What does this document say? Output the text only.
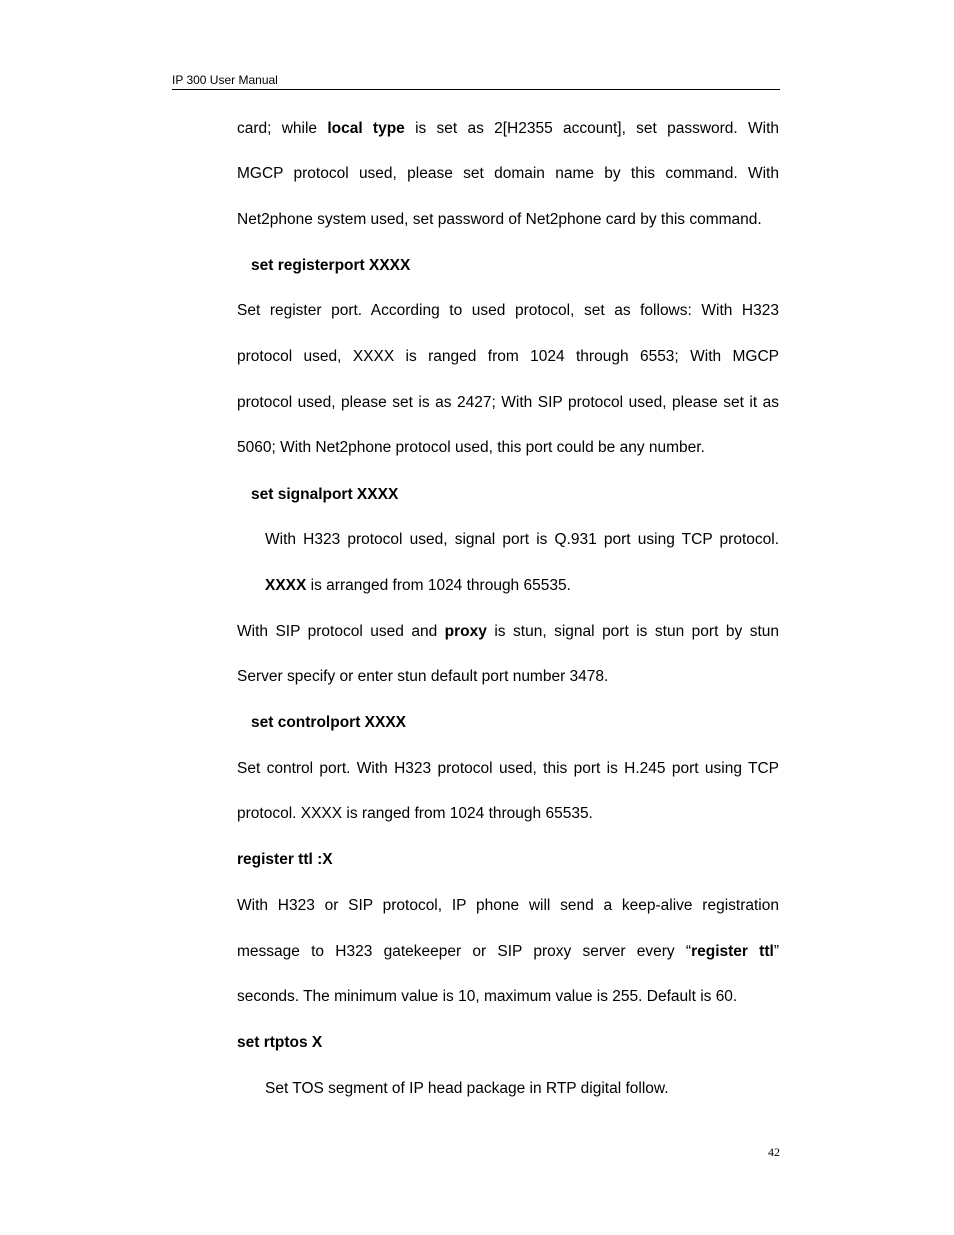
IP 300 User Manual
card; while local type is set as 2[H2355 account], set password. With
MGCP protocol used, please set domain name by this command. With
Net2phone system used, set password of Net2phone card by this command.
set registerport XXXX
Set register port. According to used protocol, set as follows: With H323
protocol used, XXXX is ranged from 1024 through 6553; With MGCP
protocol used, please set is as 2427; With SIP protocol used, please set it as
5060; With Net2phone protocol used, this port could be any number.
set signalport XXXX
With H323 protocol used, signal port is Q.931 port using TCP protocol.
XXXX is arranged from 1024 through 65535.
With SIP protocol used and proxy is stun, signal port is stun port by stun
Server specify or enter stun default port number 3478.
set controlport XXXX
Set control port. With H323 protocol used, this port is H.245 port using TCP
protocol. XXXX is ranged from 1024 through 65535.
register ttl :X
With H323 or SIP protocol, IP phone will send a keep-alive registration
message to H323 gatekeeper or SIP proxy server every “register ttl”
seconds. The minimum value is 10, maximum value is 255. Default is 60.
set rtptos X
Set TOS segment of IP head package in RTP digital follow.
42
